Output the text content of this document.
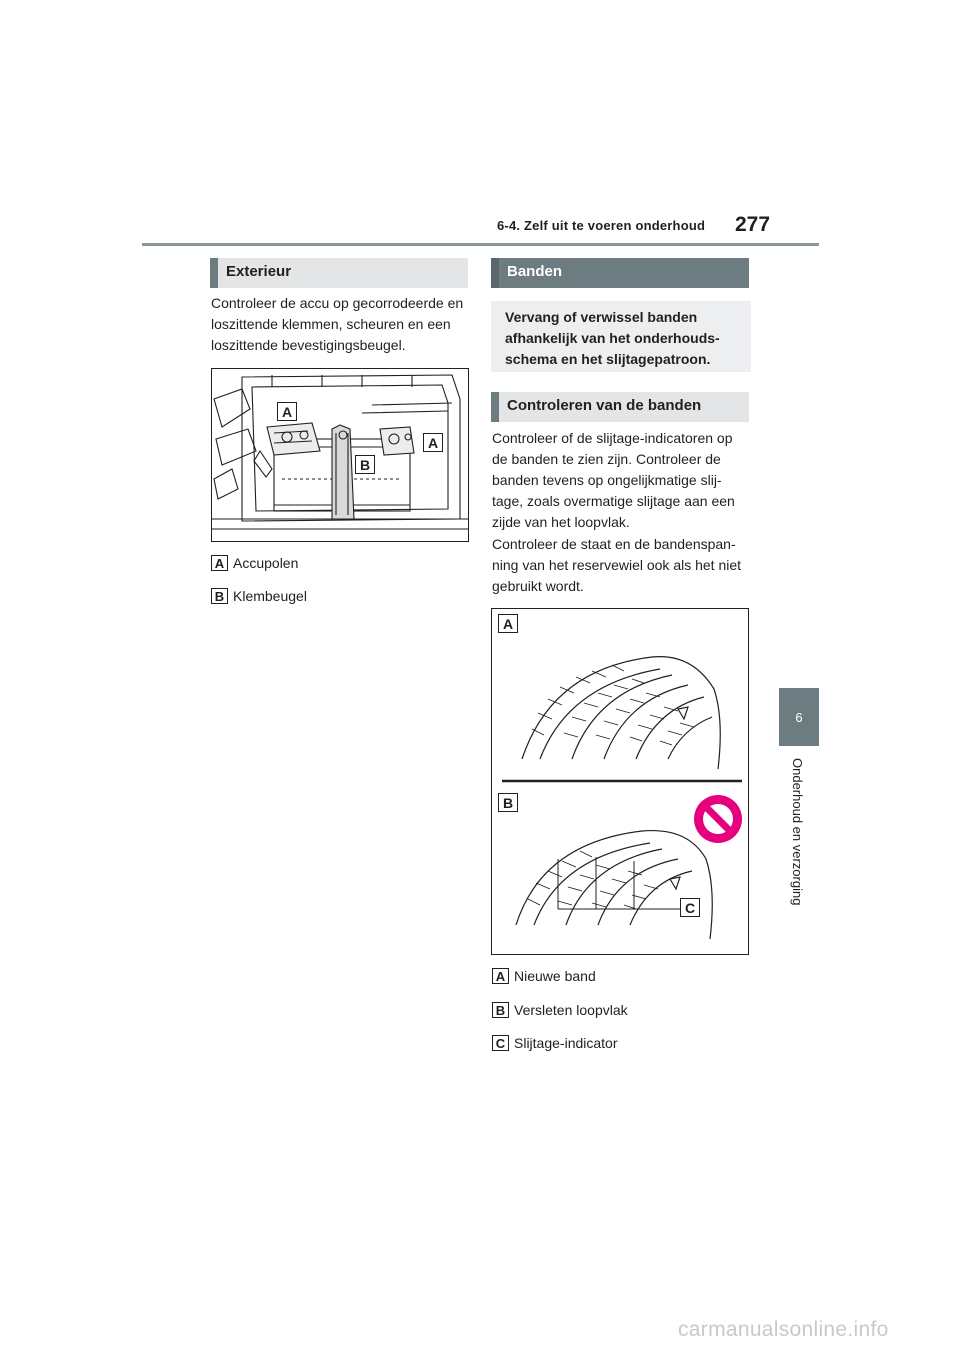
6-4. Zelf uit te voeren onderhoud 277
6
Onderhoud en verzorging
Exterieur
Controleer de accu op gecorrodeerde en loszittende klemmen, scheuren en een loszittende bevestigingsbeugel.
A
B
A
A Accupolen
B Klembeugel
Banden
Vervang of verwissel banden afhankelijk van het onderhouds-schema en het slijtagepatroon.
Controleren van de banden
Controleer of de slijtage-indicatoren op de banden te zien zijn. Controleer de banden tevens op ongelijkmatige slij-tage, zoals overmatige slijtage aan een zijde van het loopvlak.
Controleer de staat en de bandenspan-ning van het reservewiel ook als het niet gebruikt wordt.
A
B
C
A Nieuwe band
B Versleten loopvlak
C Slijtage-indicator
carmanualsonline.info
